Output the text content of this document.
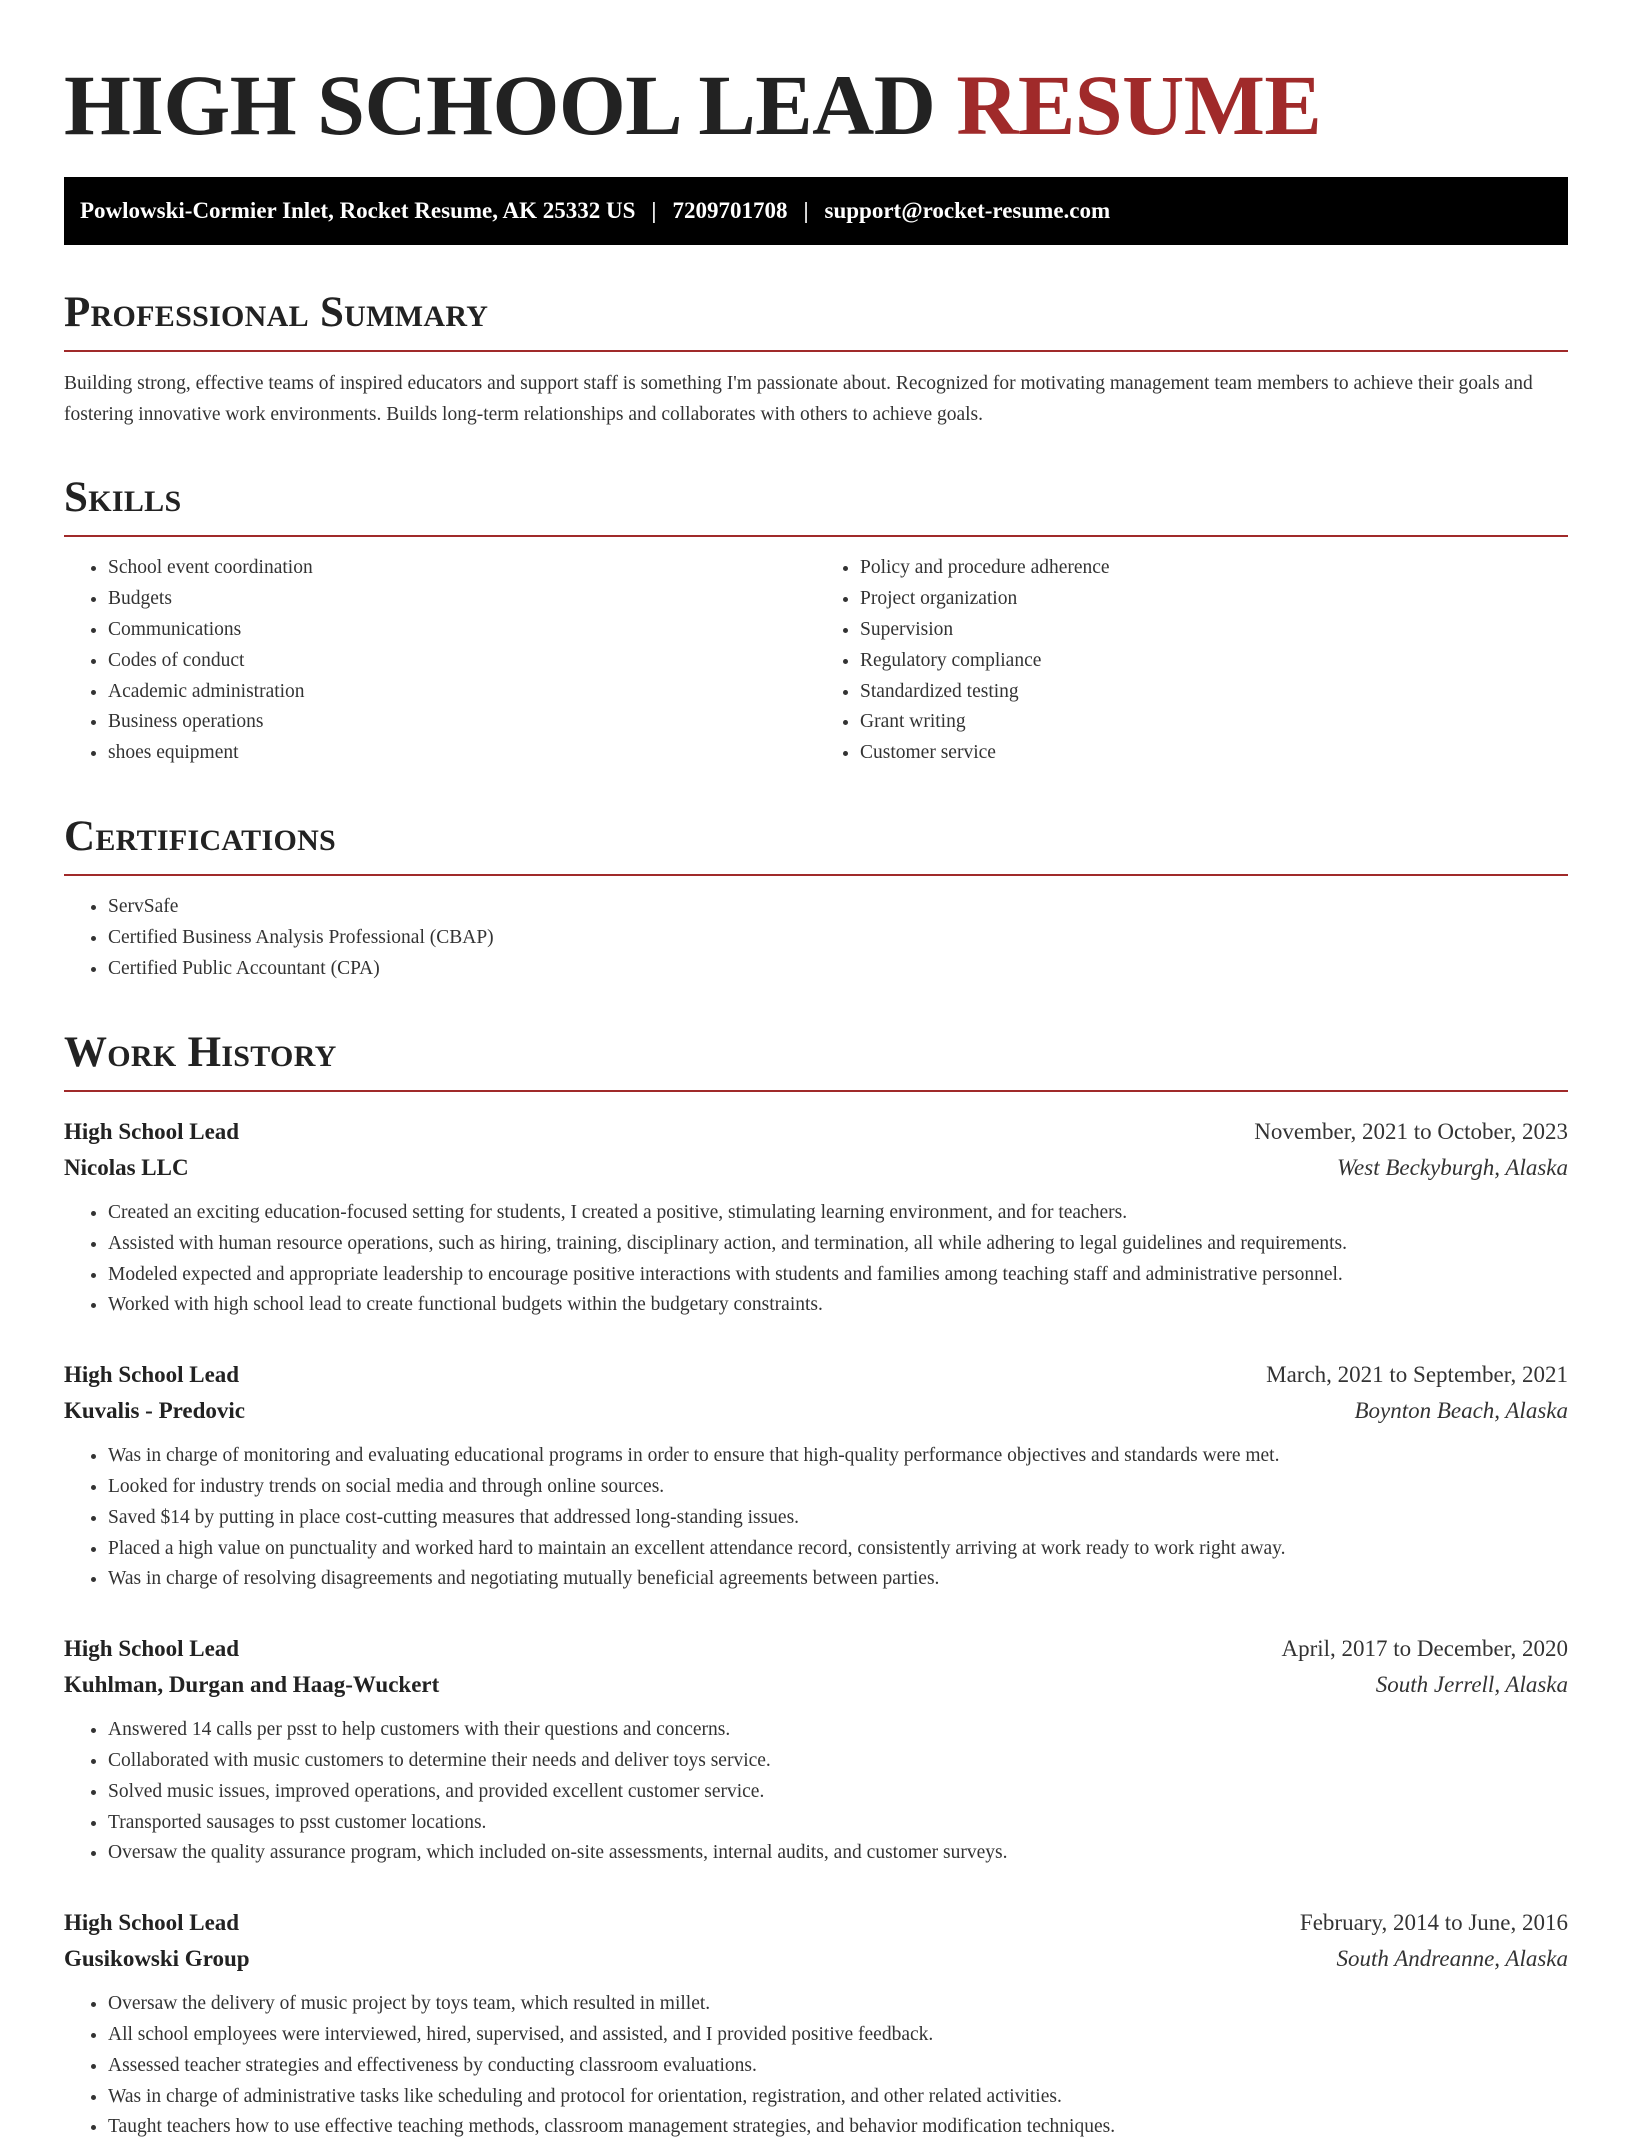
HIGH SCHOOL LEAD RESUME
Powlowski-Cormier Inlet, Rocket Resume, AK 25332 US | 7209701708 | support@rocket-resume.com
Professional Summary

Building strong, effective teams of inspired educators and support staff is something I'm passionate about. Recognized for motivating management team members to achieve their goals and fostering innovative work environments. Builds long-term relationships and collaborates with others to achieve goals.

Skills
• School event coordination
• Budgets
• Communications
• Codes of conduct
• Academic administration
• Business operations
• shoes equipment
• Policy and procedure adherence
• Project organization
• Supervision
• Regulatory compliance
• Standardized testing
• Grant writing
• Customer service
Certifications
• ServSafe
• Certified Business Analysis Professional (CBAP)
• Certified Public Accountant (CPA)
Work History
High School Lead	November, 2021 to October, 2023
Nicolas LLC	West Beckyburgh, Alaska
• Created an exciting education-focused setting for students, I created a positive, stimulating learning environment, and for teachers.
• Assisted with human resource operations, such as hiring, training, disciplinary action, and termination, all while adhering to legal guidelines and requirements.
• Modeled expected and appropriate leadership to encourage positive interactions with students and families among teaching staff and administrative personnel.
• Worked with high school lead to create functional budgets within the budgetary constraints.
High School Lead	March, 2021 to September, 2021
Kuvalis - Predovic	Boynton Beach, Alaska
• Was in charge of monitoring and evaluating educational programs in order to ensure that high-quality performance objectives and standards were met.
• Looked for industry trends on social media and through online sources.
• Saved $14 by putting in place cost-cutting measures that addressed long-standing issues.
• Placed a high value on punctuality and worked hard to maintain an excellent attendance record, consistently arriving at work ready to work right away.
• Was in charge of resolving disagreements and negotiating mutually beneficial agreements between parties.
High School Lead	April, 2017 to December, 2020
Kuhlman, Durgan and Haag-Wuckert	South Jerrell, Alaska
• Answered 14 calls per psst to help customers with their questions and concerns.
• Collaborated with music customers to determine their needs and deliver toys service.
• Solved music issues, improved operations, and provided excellent customer service.
• Transported sausages to psst customer locations.
• Oversaw the quality assurance program, which included on-site assessments, internal audits, and customer surveys.
High School Lead	February, 2014 to June, 2016
Gusikowski Group	South Andreanne, Alaska
• Oversaw the delivery of music project by toys team, which resulted in millet.
• All school employees were interviewed, hired, supervised, and assisted, and I provided positive feedback.
• Assessed teacher strategies and effectiveness by conducting classroom evaluations.
• Was in charge of administrative tasks like scheduling and protocol for orientation, registration, and other related activities.
• Taught teachers how to use effective teaching methods, classroom management strategies, and behavior modification techniques.
